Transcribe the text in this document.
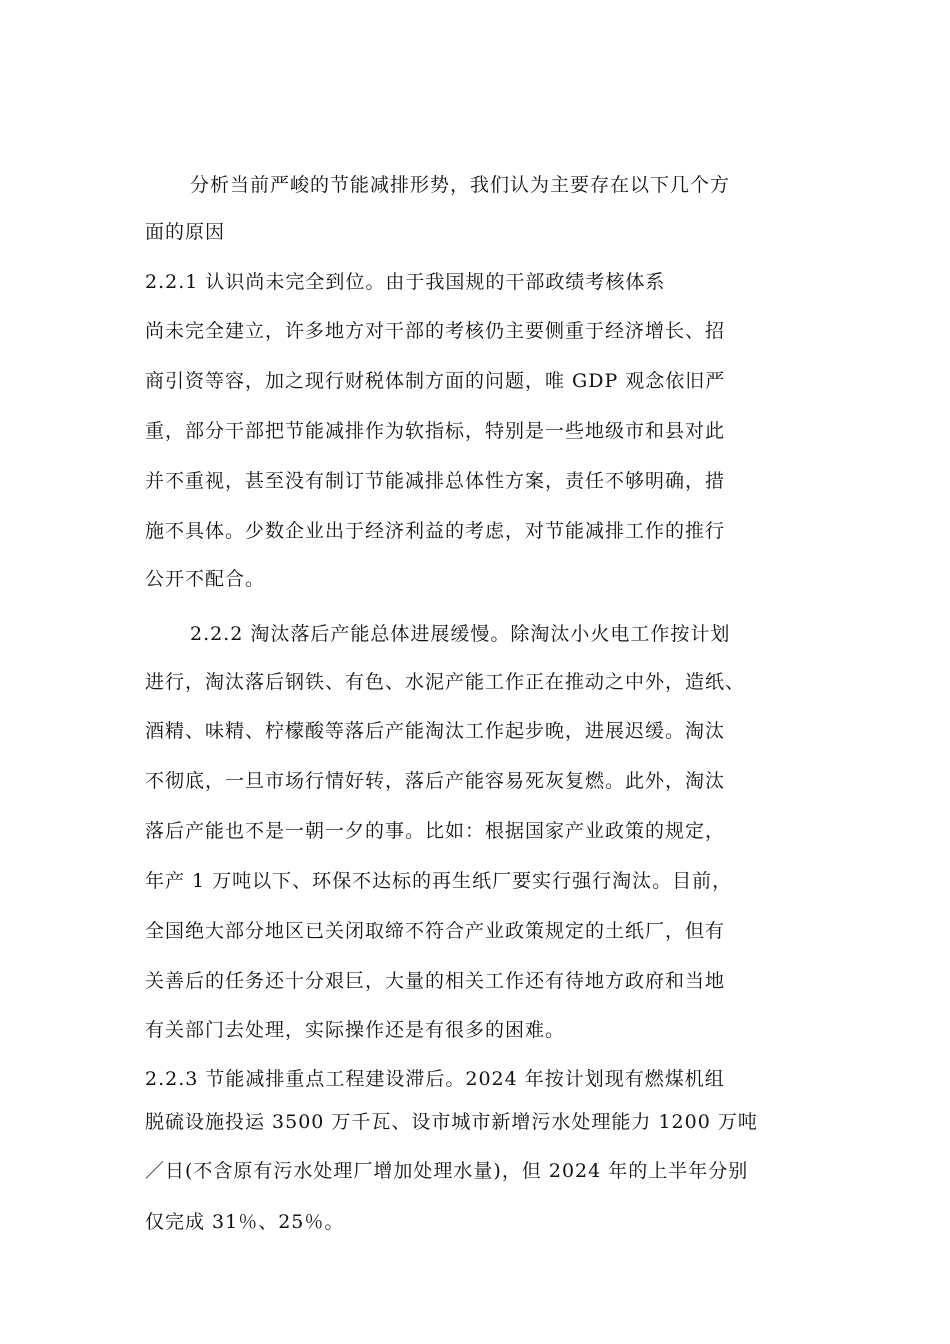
分析当前严峻的节能减排形势，我们认为主要存在以下几个方
面的原因
2.2.1 认识尚未完全到位。由于我国规的干部政绩考核体系
尚未完全建立，许多地方对干部的考核仍主要侧重于经济增长、招
商引资等容，加之现行财税体制方面的问题，唯 GDP 观念依旧严
重，部分干部把节能减排作为软指标，特别是一些地级市和县对此
并不重视，甚至没有制订节能减排总体性方案，责任不够明确，措
施不具体。少数企业出于经济利益的考虑，对节能减排工作的推行
公开不配合。
2.2.2 淘汰落后产能总体进展缓慢。除淘汰小火电工作按计划
进行，淘汰落后钢铁、有色、水泥产能工作正在推动之中外，造纸、
酒精、味精、柠檬酸等落后产能淘汰工作起步晚，进展迟缓。淘汰
不彻底，一旦市场行情好转，落后产能容易死灰复燃。此外，淘汰
落后产能也不是一朝一夕的事。比如：根据国家产业政策的规定，
年产 1 万吨以下、环保不达标的再生纸厂要实行强行淘汰。目前，
全国绝大部分地区已关闭取缔不符合产业政策规定的土纸厂，但有
关善后的任务还十分艰巨，大量的相关工作还有待地方政府和当地
有关部门去处理，实际操作还是有很多的困难。
2.2.3 节能减排重点工程建设滞后。2024 年按计划现有燃煤机组
脱硫设施投运 3500 万千瓦、设市城市新增污水处理能力 1200 万吨
／日(不含原有污水处理厂增加处理水量)，但 2024 年的上半年分别
仅完成 31％、25％。
